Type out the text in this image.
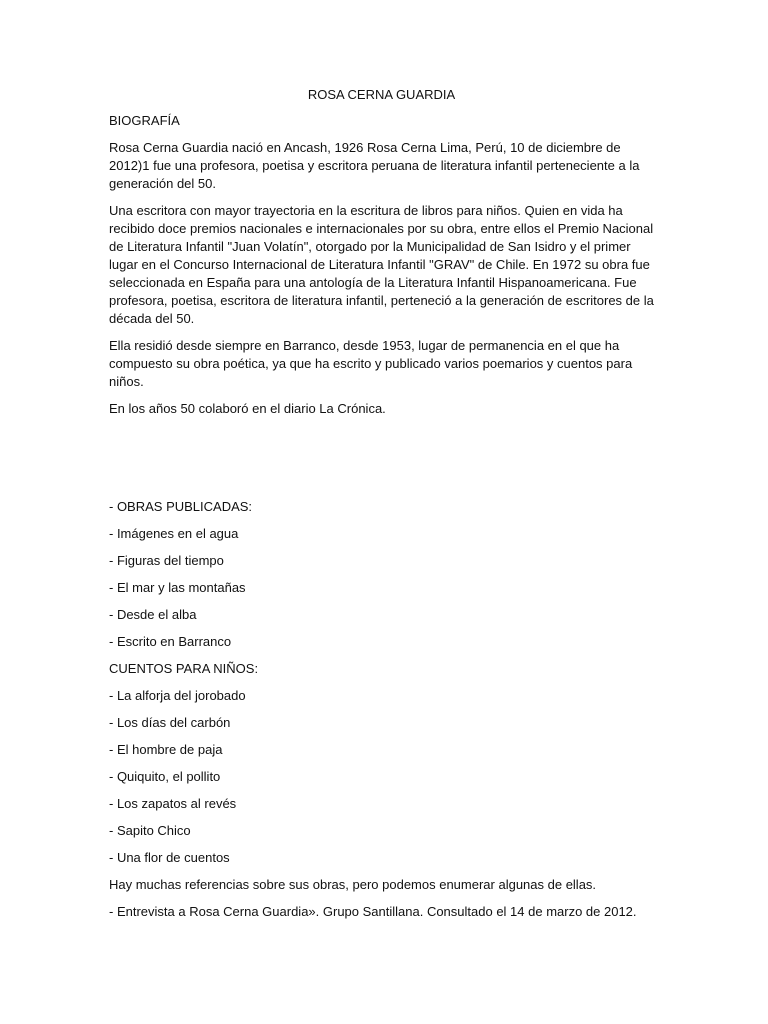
ROSA CERNA GUARDIA

BIOGRAFÍA

Rosa Cerna Guardia nació en Ancash, 1926 Rosa Cerna Lima, Perú, 10 de diciembre de 2012)1 fue una profesora, poetisa y escritora peruana de literatura infantil perteneciente a la generación del 50.

Una escritora con mayor trayectoria en la escritura de libros para niños. Quien en vida ha recibido doce premios nacionales e internacionales por su obra, entre ellos el Premio Nacional de Literatura Infantil "Juan Volatín", otorgado por la Municipalidad de San Isidro y el primer lugar en el Concurso Internacional de Literatura Infantil "GRAV" de Chile. En 1972 su obra fue seleccionada en España para una antología de la Literatura Infantil Hispanoamericana. Fue profesora, poetisa, escritora de literatura infantil, perteneció a la generación de escritores de la década del 50.

Ella residió desde siempre en Barranco, desde 1953, lugar de permanencia en el que ha compuesto su obra poética, ya que ha escrito y publicado varios poemarios y cuentos para niños.

En los años 50 colaboró en el diario La Crónica.

- OBRAS PUBLICADAS:

- Imágenes en el agua

- Figuras del tiempo

- El mar y las montañas

- Desde el alba

- Escrito en Barranco

CUENTOS PARA NIÑOS:

- La alforja del jorobado

- Los días del carbón

- El hombre de paja

- Quiquito, el pollito

- Los zapatos al revés

- Sapito Chico

- Una flor de cuentos

Hay muchas referencias sobre sus obras, pero podemos enumerar algunas de ellas.

- Entrevista a Rosa Cerna Guardia». Grupo Santillana. Consultado el 14 de marzo de 2012.
